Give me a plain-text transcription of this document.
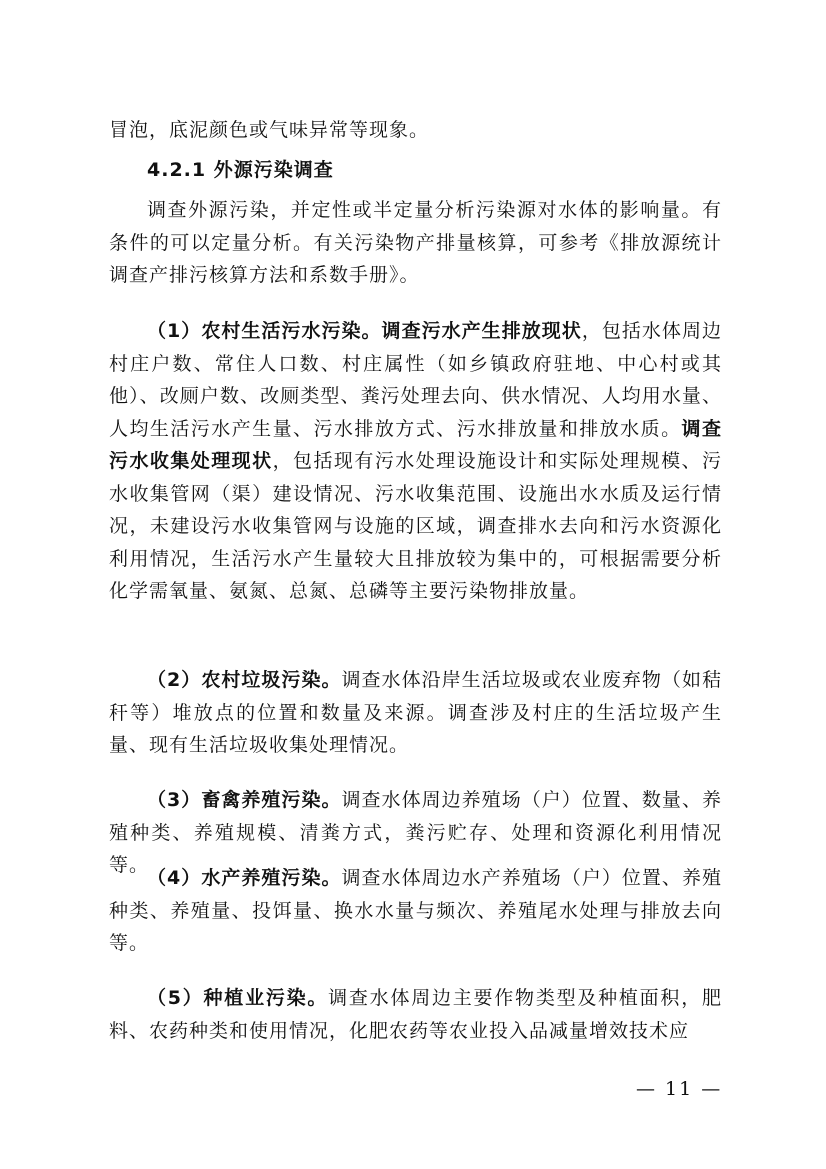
冒泡，底泥颜色或气味异常等现象。

4.2.1 外源污染调查

调查外源污染，并定性或半定量分析污染源对水体的影响量。有条件的可以定量分析。有关污染物产排量核算，可参考《排放源统计调查产排污核算方法和系数手册》。

（1）农村生活污水污染。调查污水产生排放现状，包括水体周边村庄户数、常住人口数、村庄属性（如乡镇政府驻地、中心村或其他）、改厕户数、改厕类型、粪污处理去向、供水情况、人均用水量、人均生活污水产生量、污水排放方式、污水排放量和排放水质。调查污水收集处理现状，包括现有污水处理设施设计和实际处理规模、污水收集管网（渠）建设情况、污水收集范围、设施出水水质及运行情况，未建设污水收集管网与设施的区域，调查排水去向和污水资源化利用情况，生活污水产生量较大且排放较为集中的，可根据需要分析化学需氧量、氨氮、总氮、总磷等主要污染物排放量。

（2）农村垃圾污染。调查水体沿岸生活垃圾或农业废弃物（如秸秆等）堆放点的位置和数量及来源。调查涉及村庄的生活垃圾产生量、现有生活垃圾收集处理情况。

（3）畜禽养殖污染。调查水体周边养殖场（户）位置、数量、养殖种类、养殖规模、清粪方式，粪污贮存、处理和资源化利用情况等。

（4）水产养殖污染。调查水体周边水产养殖场（户）位置、养殖种类、养殖量、投饵量、换水水量与频次、养殖尾水处理与排放去向等。

（5）种植业污染。调查水体周边主要作物类型及种植面积，肥料、农药种类和使用情况，化肥农药等农业投入品减量增效技术应

— 11 —
